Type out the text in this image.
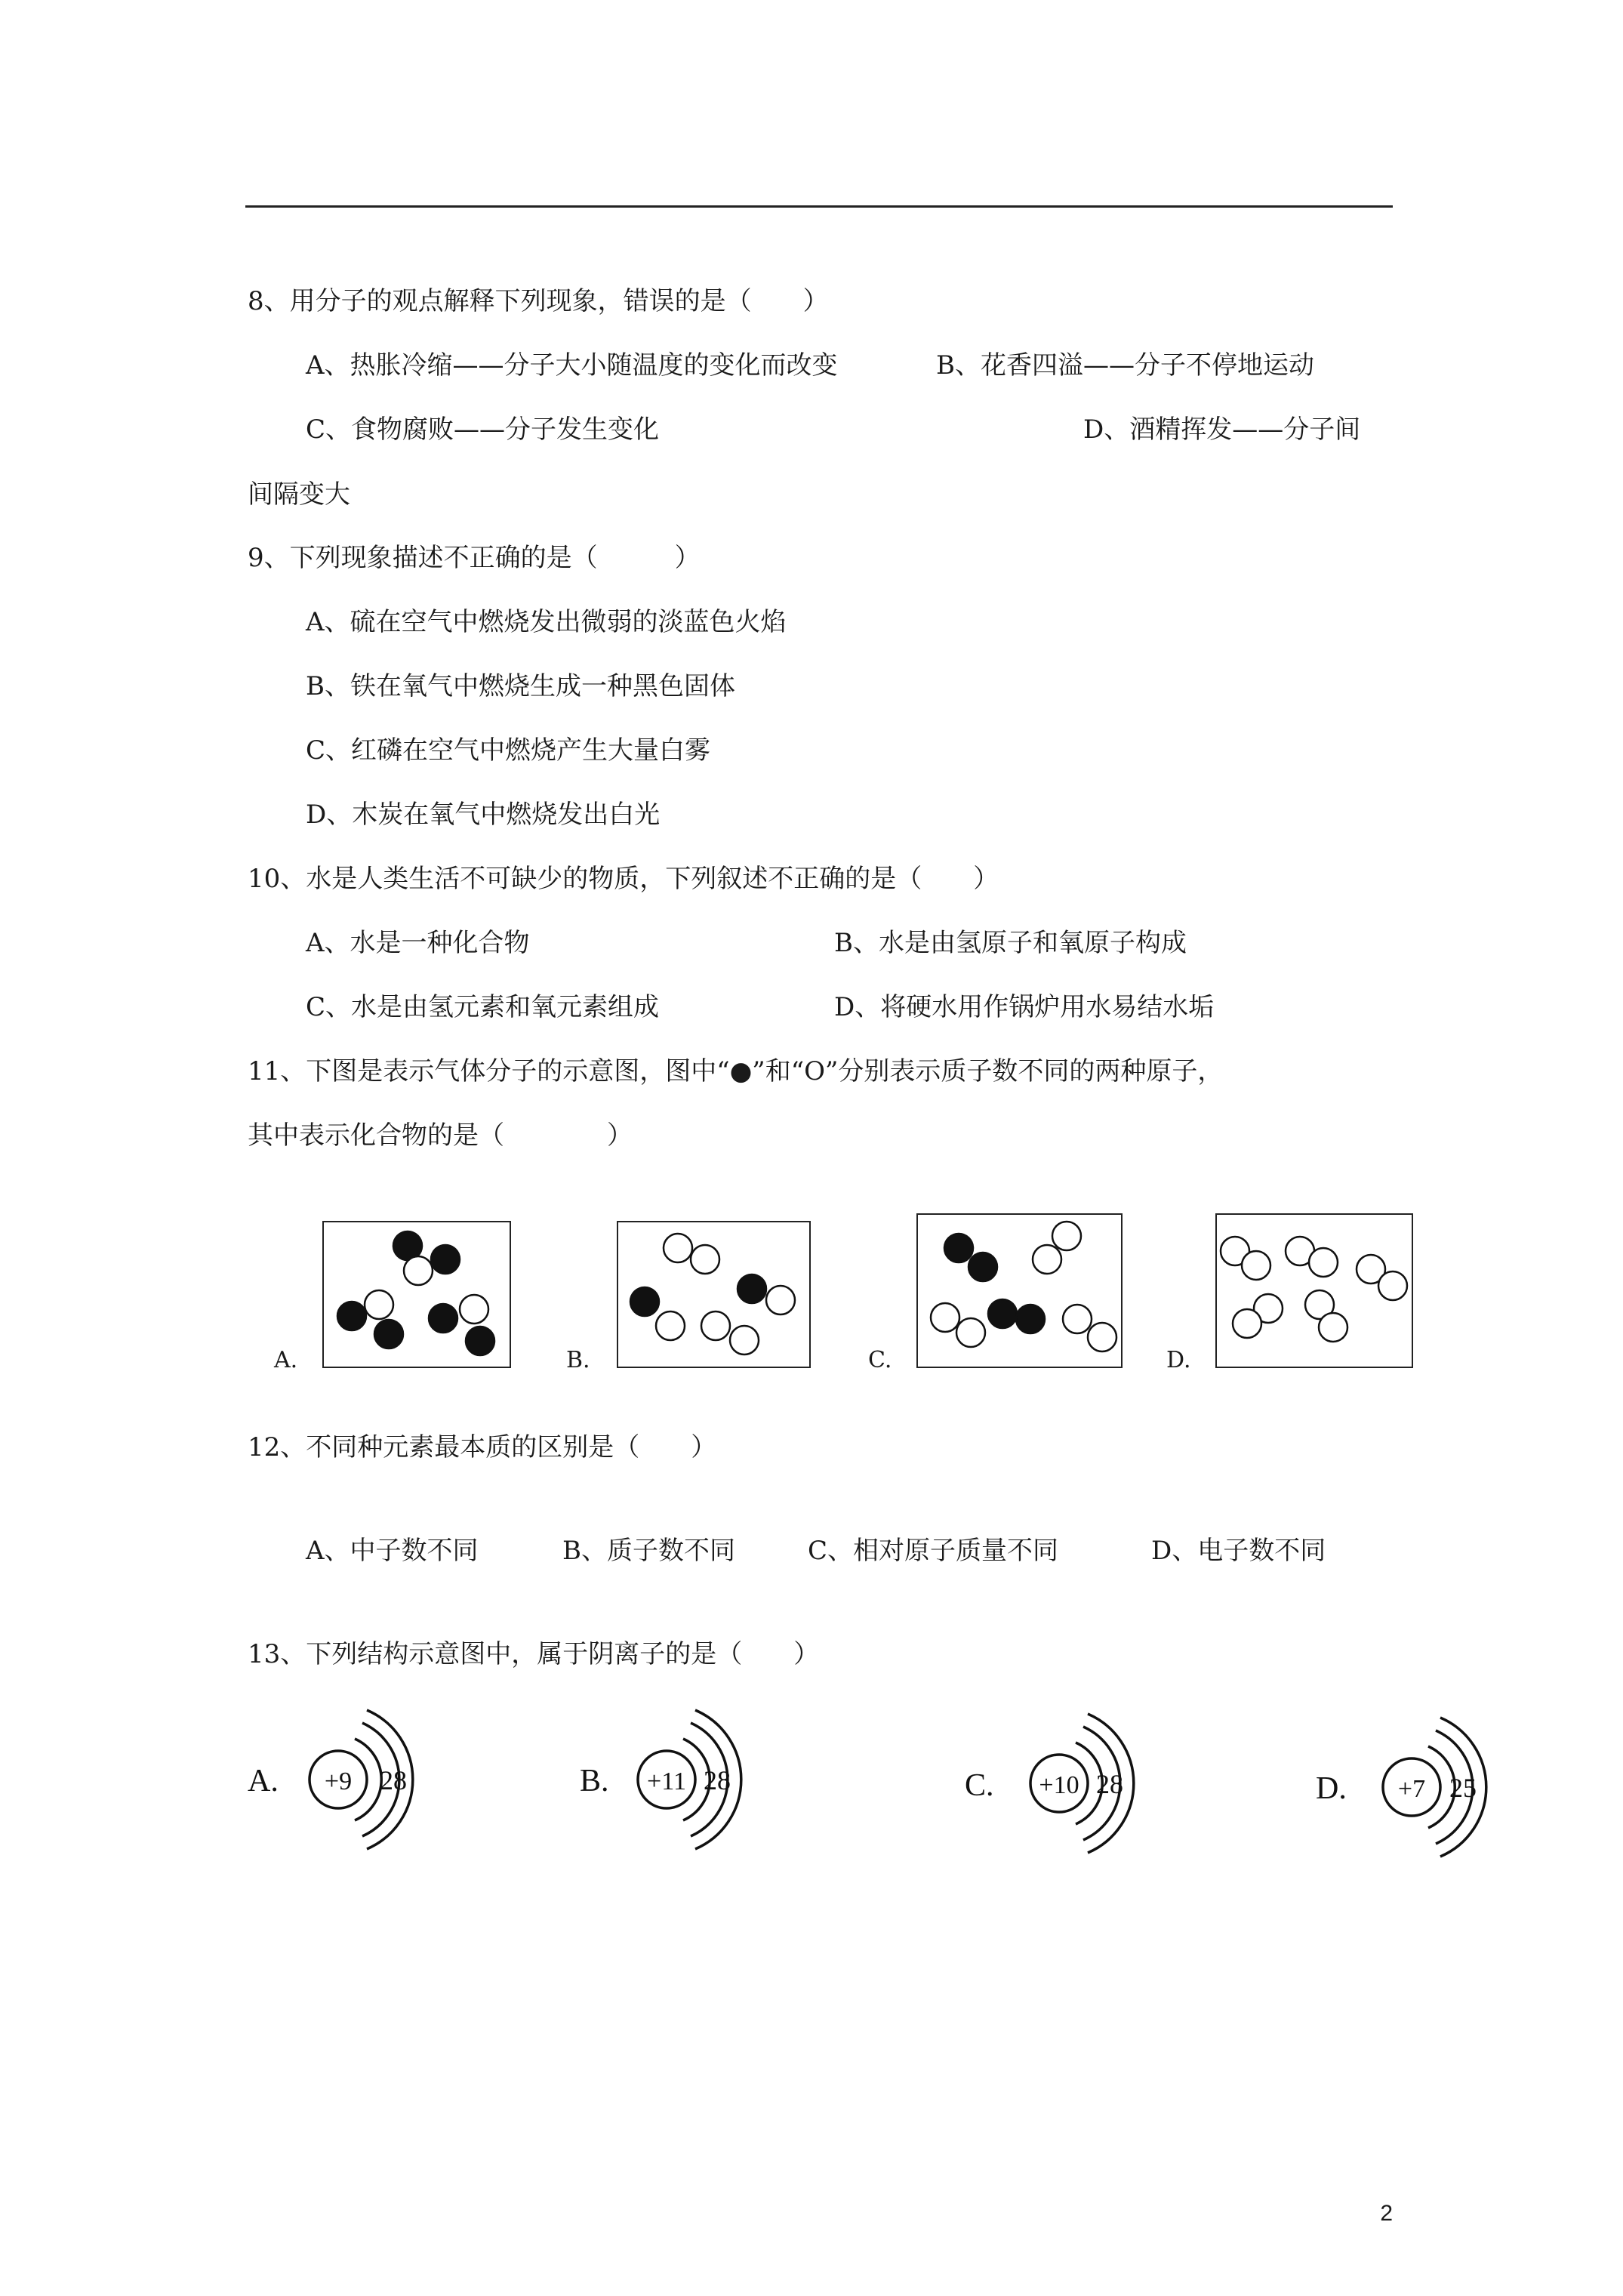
8、用分子的观点解释下列现象，错误的是（　　）
A、热胀冷缩——分子大小随温度的变化而改变	B、花香四溢——分子不停地运动
C、食物腐败——分子发生变化	D、酒精挥发——分子间
间隔变大
9、下列现象描述不正确的是（　　　）
A、硫在空气中燃烧发出微弱的淡蓝色火焰
B、铁在氧气中燃烧生成一种黑色固体
C、红磷在空气中燃烧产生大量白雾
D、木炭在氧气中燃烧发出白光
10、水是人类生活不可缺少的物质，下列叙述不正确的是（　　）
A、水是一种化合物	B、水是由氢原子和氧原子构成
C、水是由氢元素和氧元素组成	D、将硬水用作锅炉用水易结水垢
11、下图是表示气体分子的示意图，图中“●”和“O”分别表示质子数不同的两种原子，
其中表示化合物的是（　　　　）
A.	B.	C.	D.
12、不同种元素最本质的区别是（　　）
A、中子数不同	B、质子数不同	C、相对原子质量不同	D、电子数不同
13、下列结构示意图中，属于阴离子的是（　　）
A. +9 28	B. +11 28	C. +10 28	D. +7 25
2
